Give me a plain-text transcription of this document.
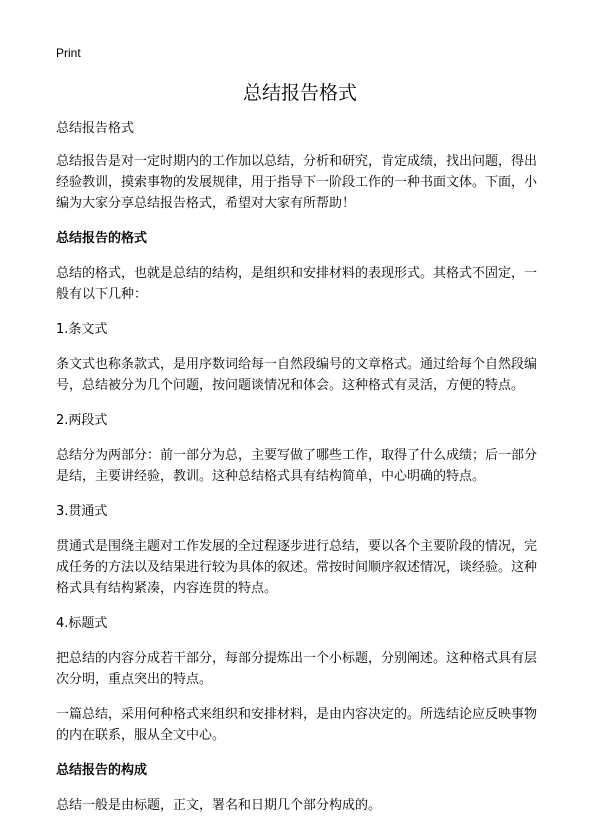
Print
总结报告格式

总结报告格式

总结报告是对一定时期内的工作加以总结，分析和研究，肯定成绩，找出问题，得出经验教训，摸索事物的发展规律，用于指导下一阶段工作的一种书面文体。下面，小编为大家分享总结报告格式，希望对大家有所帮助！

总结报告的格式

总结的格式，也就是总结的结构，是组织和安排材料的表现形式。其格式不固定，一般有以下几种：

1.条文式

条文式也称条款式，是用序数词给每一自然段编号的文章格式。通过给每个自然段编号，总结被分为几个问题，按问题谈情况和体会。这种格式有灵活，方便的特点。

2.两段式

总结分为两部分：前一部分为总，主要写做了哪些工作，取得了什么成绩；后一部分是结，主要讲经验，教训。这种总结格式具有结构简单，中心明确的特点。

3.贯通式

贯通式是围绕主题对工作发展的全过程逐步进行总结，要以各个主要阶段的情况，完成任务的方法以及结果进行较为具体的叙述。常按时间顺序叙述情况，谈经验。这种格式具有结构紧凑，内容连贯的特点。

4.标题式

把总结的内容分成若干部分，每部分提炼出一个小标题，分别阐述。这种格式具有层次分明，重点突出的特点。

一篇总结，采用何种格式来组织和安排材料，是由内容决定的。所选结论应反映事物的内在联系，服从全文中心。

总结报告的构成

总结一般是由标题，正文，署名和日期几个部分构成的。
